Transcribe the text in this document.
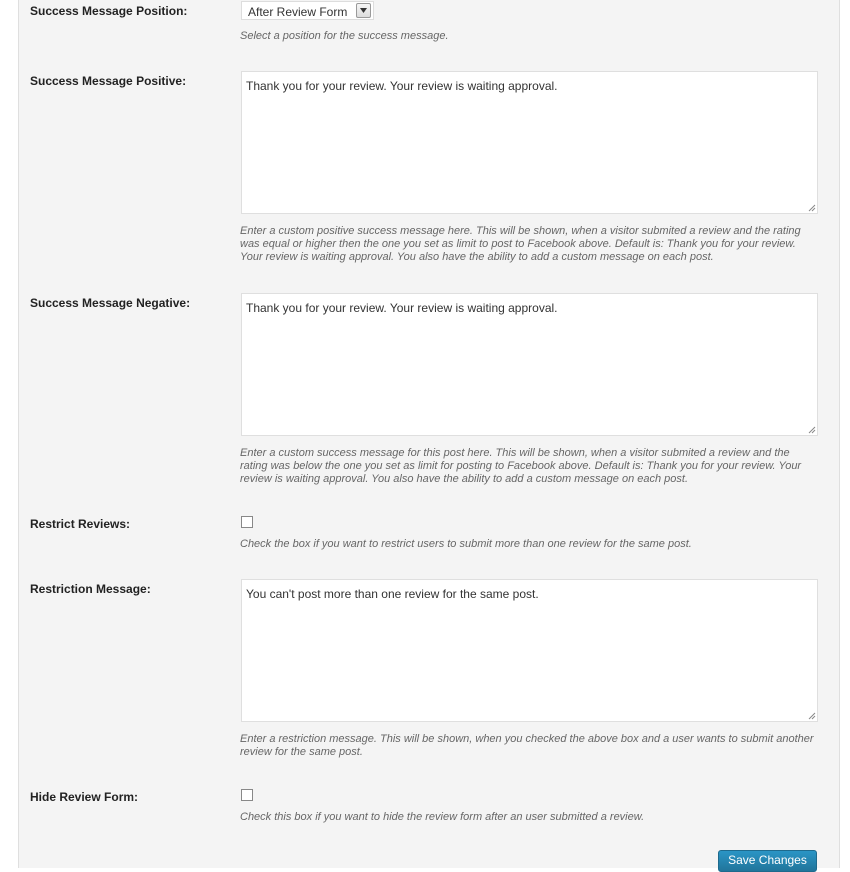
Success Message Position:	After Review Form
Select a position for the success message.
Success Message Positive:	Thank you for your review. Your review is waiting approval.
Enter a custom positive success message here. This will be shown, when a visitor submited a review and the rating was equal or higher then the one you set as limit to post to Facebook above. Default is: Thank you for your review. Your review is waiting approval. You also have the ability to add a custom message on each post.
Success Message Negative:	Thank you for your review. Your review is waiting approval.
Enter a custom success message for this post here. This will be shown, when a visitor submited a review and the rating was below the one you set as limit for posting to Facebook above. Default is: Thank you for your review. Your review is waiting approval. You also have the ability to add a custom message on each post.
Restrict Reviews:
Check the box if you want to restrict users to submit more than one review for the same post.
Restriction Message:	You can't post more than one review for the same post.
Enter a restriction message. This will be shown, when you checked the above box and a user wants to submit another review for the same post.
Hide Review Form:
Check this box if you want to hide the review form after an user submitted a review.
Save Changes
